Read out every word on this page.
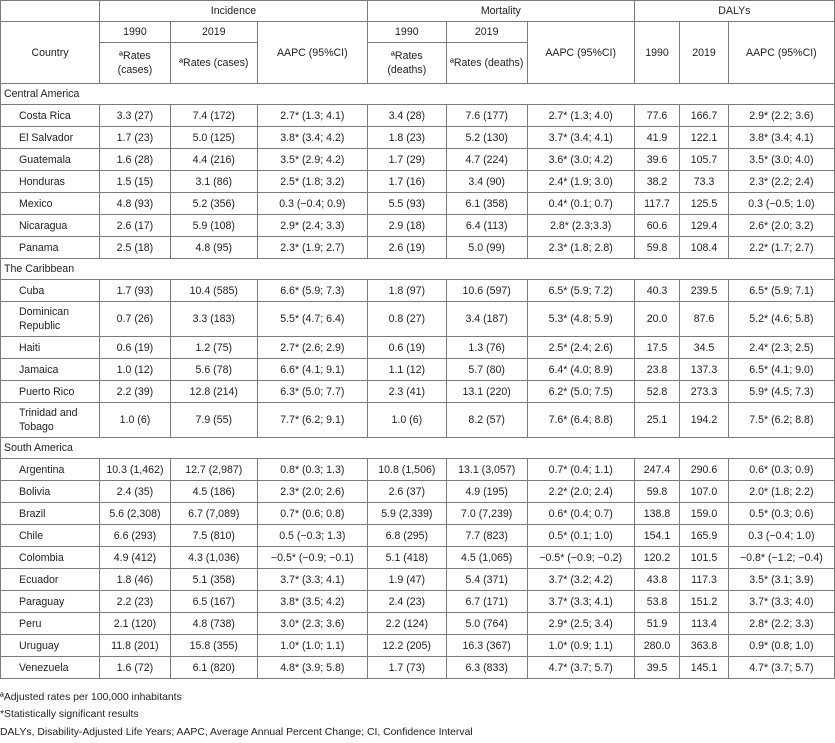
	Incidence			Mortality			DALYs		
Country	1990	2019	AAPC (95%CI)	1990	2019	AAPC (95%CI)	1990	2019	AAPC (95%CI)
	ªRates (cases)	ªRates (cases)		ªRates (deaths)	ªRates (deaths)				
Central America									
Costa Rica	3.3 (27)	7.4 (172)	2.7* (1.3; 4.1)	3.4 (28)	7.6 (177)	2.7* (1.3; 4.0)	77.6	166.7	2.9* (2.2; 3.6)
El Salvador	1.7 (23)	5.0 (125)	3.8* (3.4; 4.2)	1.8 (23)	5.2 (130)	3.7* (3.4; 4.1)	41.9	122.1	3.8* (3.4; 4.1)
Guatemala	1.6 (28)	4.4 (216)	3.5* (2.9; 4.2)	1.7 (29)	4.7 (224)	3.6* (3.0; 4.2)	39.6	105.7	3.5* (3.0; 4.0)
Honduras	1.5 (15)	3.1 (86)	2.5* (1.8; 3.2)	1.7 (16)	3.4 (90)	2.4* (1.9; 3.0)	38.2	73.3	2.3* (2.2; 2.4)
Mexico	4.8 (93)	5.2 (356)	0.3 (−0.4; 0.9)	5.5 (93)	6.1 (358)	0.4* (0.1; 0.7)	117.7	125.5	0.3 (−0.5; 1.0)
Nicaragua	2.6 (17)	5.9 (108)	2.9* (2.4; 3.3)	2.9 (18)	6.4 (113)	2.8* (2.3;3.3)	60.6	129.4	2.6* (2.0; 3.2)
Panama	2.5 (18)	4.8 (95)	2.3* (1.9; 2.7)	2.6 (19)	5.0 (99)	2.3* (1.8; 2.8)	59.8	108.4	2.2* (1.7; 2.7)
The Caribbean									
Cuba	1.7 (93)	10.4 (585)	6.6* (5.9; 7.3)	1.8 (97)	10.6 (597)	6.5* (5.9; 7.2)	40.3	239.5	6.5* (5.9; 7.1)
Dominican Republic	0.7 (26)	3.3 (183)	5.5* (4.7; 6.4)	0.8 (27)	3.4 (187)	5.3* (4.8; 5.9)	20.0	87.6	5.2* (4.6; 5.8)
Haiti	0.6 (19)	1.2 (75)	2.7* (2.6; 2.9)	0.6 (19)	1.3 (76)	2.5* (2.4; 2.6)	17.5	34.5	2.4* (2.3; 2.5)
Jamaica	1.0 (12)	5.6 (78)	6.6* (4.1; 9.1)	1.1 (12)	5.7 (80)	6.4* (4.0; 8.9)	23.8	137.3	6.5* (4.1; 9.0)
Puerto Rico	2.2 (39)	12.8 (214)	6.3* (5.0; 7.7)	2.3 (41)	13.1 (220)	6.2* (5.0; 7.5)	52.8	273.3	5.9* (4.5; 7.3)
Trinidad and Tobago	1.0 (6)	7.9 (55)	7.7* (6.2; 9.1)	1.0 (6)	8.2 (57)	7.6* (6.4; 8.8)	25.1	194.2	7.5* (6.2; 8.8)
South America									
Argentina	10.3 (1,462)	12.7 (2,987)	0.8* (0.3; 1.3)	10.8 (1,506)	13.1 (3,057)	0.7* (0.4; 1.1)	247.4	290.6	0.6* (0.3; 0.9)
Bolivia	2.4 (35)	4.5 (186)	2.3* (2.0; 2.6)	2.6 (37)	4.9 (195)	2.2* (2.0; 2.4)	59.8	107.0	2.0* (1.8; 2.2)
Brazil	5.6 (2,308)	6.7 (7,089)	0.7* (0.6; 0.8)	5.9 (2,339)	7.0 (7,239)	0.6* (0.4; 0.7)	138.8	159.0	0.5* (0.3; 0.6)
Chile	6.6 (293)	7.5 (810)	0.5 (−0.3; 1.3)	6.8 (295)	7.7 (823)	0.5* (0.1; 1.0)	154.1	165.9	0.3 (−0.4; 1.0)
Colombia	4.9 (412)	4.3 (1,036)	−0.5* (−0.9; −0.1)	5.1 (418)	4.5 (1,065)	−0.5* (−0.9; −0.2)	120.2	101.5	−0.8* (−1.2; −0.4)
Ecuador	1.8 (46)	5.1 (358)	3.7* (3.3; 4.1)	1.9 (47)	5.4 (371)	3.7* (3.2; 4.2)	43.8	117.3	3.5* (3.1; 3.9)
Paraguay	2.2 (23)	6.5 (167)	3.8* (3.5; 4.2)	2.4 (23)	6.7 (171)	3.7* (3.3; 4.1)	53.8	151.2	3.7* (3.3; 4.0)
Peru	2.1 (120)	4.8 (738)	3.0* (2.3; 3.6)	2.2 (124)	5.0 (764)	2.9* (2.5; 3.4)	51.9	113.4	2.8* (2.2; 3.3)
Uruguay	11.8 (201)	15.8 (355)	1.0* (1.0; 1.1)	12.2 (205)	16.3 (367)	1.0* (0.9; 1.1)	280.0	363.8	0.9* (0.8; 1.0)
Venezuela	1.6 (72)	6.1 (820)	4.8* (3.9; 5.8)	1.7 (73)	6.3 (833)	4.7* (3.7; 5.7)	39.5	145.1	4.7* (3.7; 5.7)
ªAdjusted rates per 100,000 inhabitants
*Statistically significant results
DALYs, Disability-Adjusted Life Years; AAPC, Average Annual Percent Change; CI, Confidence Interval
